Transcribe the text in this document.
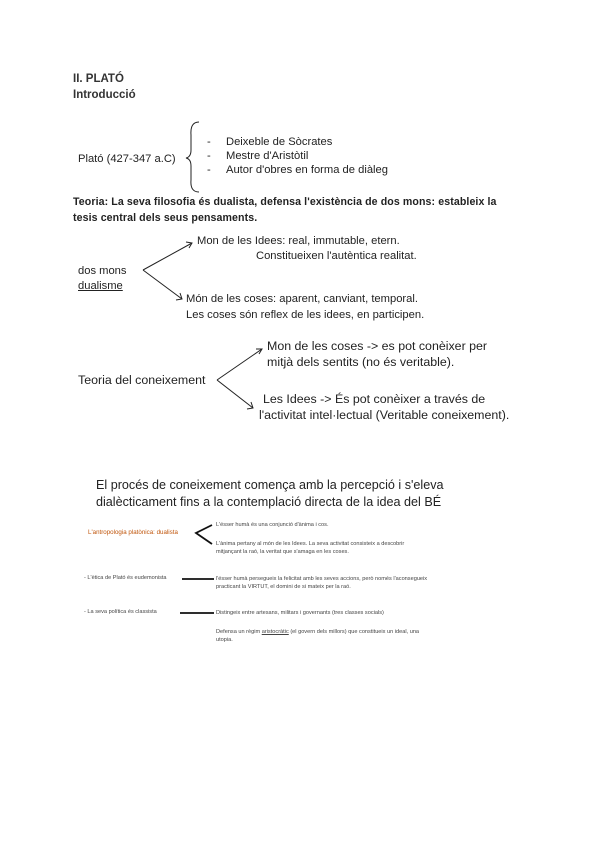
II. PLATÓ
Introducció
Plató (427-347 a.C)
- Deixeble de Sòcrates
- Mestre d'Aristòtil
- Autor d'obres en forma de diàleg
Teoria: La seva filosofia és dualista, defensa l'existència de dos mons: estableix la
tesis central dels seus pensaments.
Mon de les Idees: real, immutable, etern.
Constitueixen l'autèntica realitat.
dos mons
dualisme
Món de les coses: aparent, canviant, temporal.
Les coses són reflex de les idees, en participen.
Mon de les coses -> es pot conèixer per
mitjà dels sentits (no és veritable).
Teoria del coneixement
Les Idees -> És pot conèixer a través de
l'activitat intel·lectual (Veritable coneixement).
El procés de coneixement comença amb la percepció i s'eleva
dialècticament fins a la contemplació directa de la idea del BÉ
L'antropologia platònica: dualista
L'ésser humà és una conjunció d'ànima i cos.
L'ànima pertany al món de les Idees. La seva activitat consisteix a descobrir
mitjançant la raó, la veritat que s'amaga en les coses.
- L'ètica de Plató és eudemonista	l'ésser humà persegueix la felicitat amb les seves accions, però només l'aconsegueix
practicant la VIRTUT, el domini de si mateix per la raó.
- La seva política és classista	Distingeix entre artesans, militars i governants (tres classes socials)
Defensa un règim aristocràtic (el govern dels millors) que constitueix un ideal, una
utopia.
